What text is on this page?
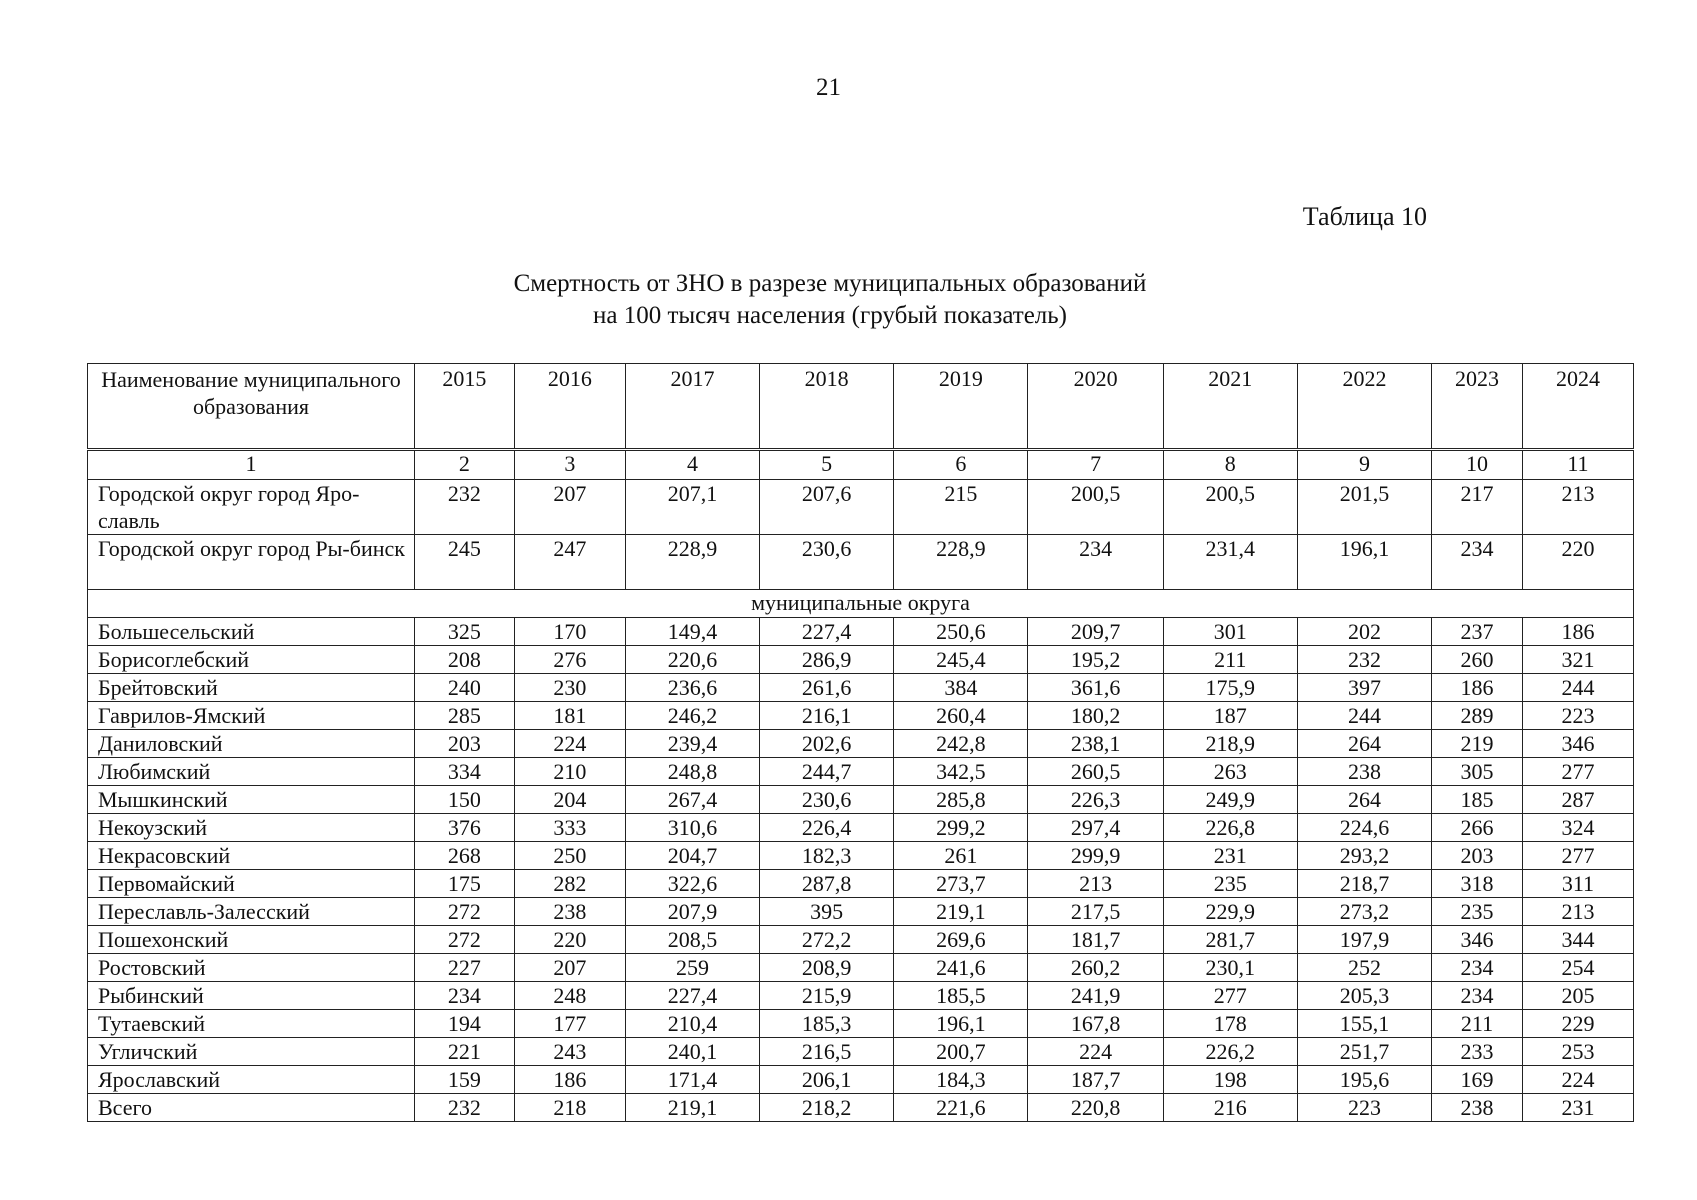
21
Таблица 10
Смертность от ЗНО в разрезе муниципальных образований
на 100 тысяч населения (грубый показатель)
Наименование муниципального образования	2015	2016	2017	2018	2019	2020	2021	2022	2023	2024
1	2	3	4	5	6	7	8	9	10	11
Городской округ город Яро-славль	232	207	207,1	207,6	215	200,5	200,5	201,5	217	213
Городской округ город Ры-бинск	245	247	228,9	230,6	228,9	234	231,4	196,1	234	220
муниципальные округа										
Большесельский	325	170	149,4	227,4	250,6	209,7	301	202	237	186
Борисоглебский	208	276	220,6	286,9	245,4	195,2	211	232	260	321
Брейтовский	240	230	236,6	261,6	384	361,6	175,9	397	186	244
Гаврилов-Ямский	285	181	246,2	216,1	260,4	180,2	187	244	289	223
Даниловский	203	224	239,4	202,6	242,8	238,1	218,9	264	219	346
Любимский	334	210	248,8	244,7	342,5	260,5	263	238	305	277
Мышкинский	150	204	267,4	230,6	285,8	226,3	249,9	264	185	287
Некоузский	376	333	310,6	226,4	299,2	297,4	226,8	224,6	266	324
Некрасовский	268	250	204,7	182,3	261	299,9	231	293,2	203	277
Первомайский	175	282	322,6	287,8	273,7	213	235	218,7	318	311
Переславль-Залесский	272	238	207,9	395	219,1	217,5	229,9	273,2	235	213
Пошехонский	272	220	208,5	272,2	269,6	181,7	281,7	197,9	346	344
Ростовский	227	207	259	208,9	241,6	260,2	230,1	252	234	254
Рыбинский	234	248	227,4	215,9	185,5	241,9	277	205,3	234	205
Тутаевский	194	177	210,4	185,3	196,1	167,8	178	155,1	211	229
Угличский	221	243	240,1	216,5	200,7	224	226,2	251,7	233	253
Ярославский	159	186	171,4	206,1	184,3	187,7	198	195,6	169	224
Всего	232	218	219,1	218,2	221,6	220,8	216	223	238	231
